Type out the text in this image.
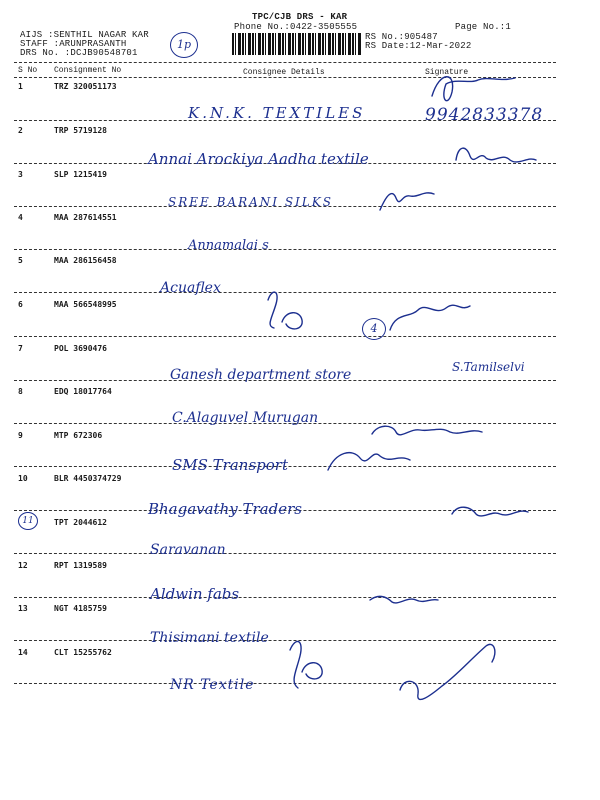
TPC/CJB DRS - KAR
Phone No.:0422-3505555	Page No.:1
AIJS :SENTHIL NAGAR KAR
STAFF :ARUNPRASANTH
DRS No. :DCJB90548701
RS No.:905487
RS Date:12-Mar-2022
1p
S No Consignment No	Consignee Details	Signature
1	TRZ 320051173
K.N.K. TEXTILES	9942833378
2	TRP 5719128
Annai Arockiya Aadha textile
3	SLP 1215419
SREE BARANI SILKS
4	MAA 287614551
Annamalai s
5	MAA 286156458
Acuaflex
6	MAA 566548995
4
7	POL 3690476
Ganesh department store	S.Tamilselvi
8	EDQ 18017764
C.Alaguvel Murugan
9	MTP 672306
SMS Transport
10	BLR 4450374729
Bhagavathy Traders
11	TPT 2044612
Saravanan
12	RPT 1319589
Aldwin fabs
13	NGT 4185759
Thisimani textile
14	CLT 15255762
NR Textile
